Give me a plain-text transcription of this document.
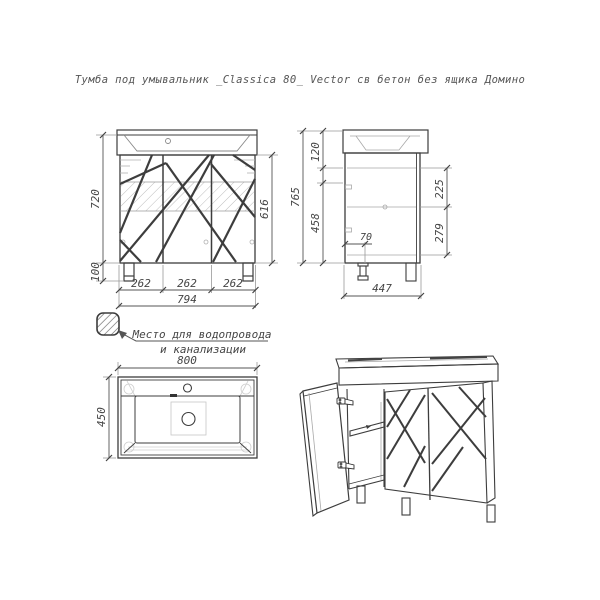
Тумба под умывальник _Classica 80_ Vector св бетон без ящика Домино
720
100
616
262 262 262
794
765
120
458
225
279
70
447
Место для водопровода
и канализации
800
450
